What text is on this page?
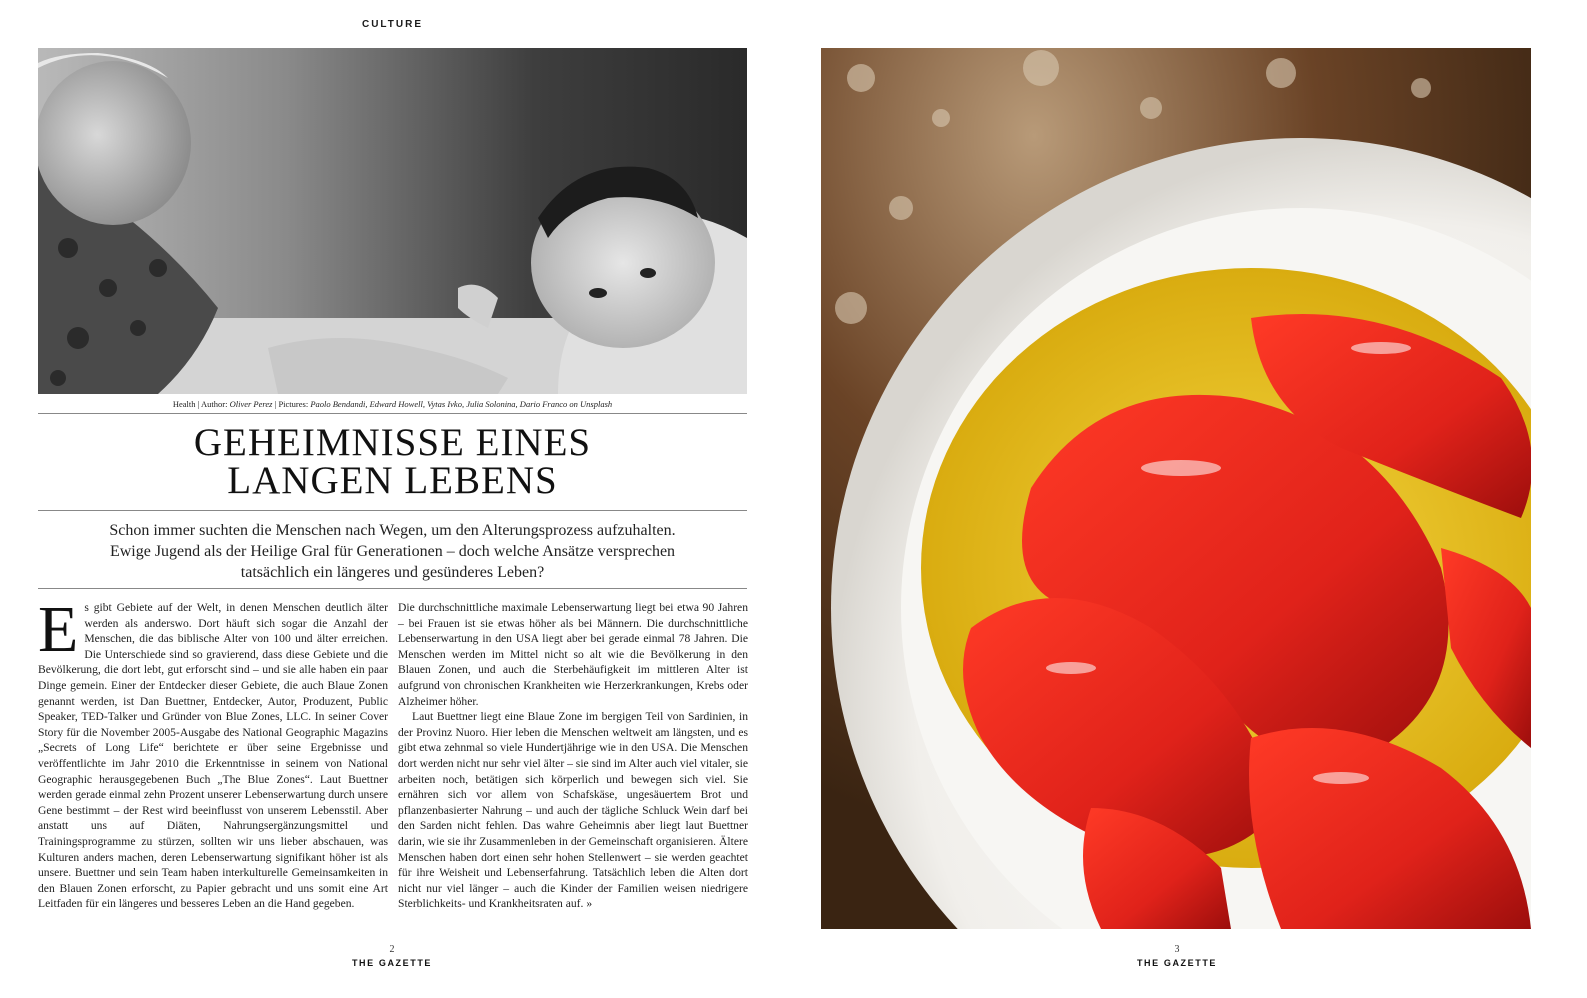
CULTURE
Health | Author: Oliver Perez | Pictures: Paolo Bendandi, Edward Howell, Vytas Ivko, Julia Solonina, Dario Franco on Unsplash
GEHEIMNISSE EINES
LANGEN LEBENS
Schon immer suchten die Menschen nach Wegen, um den Alterungsprozess aufzuhalten. Ewige Jugend als der Heilige Gral für Generationen – doch welche Ansätze versprechen tatsächlich ein längeres und gesünderes Leben?

Es gibt Gebiete auf der Welt, in denen Menschen deutlich älter werden als anderswo. Dort häuft sich sogar die Anzahl der Menschen, die das biblische Alter von 100 und älter erreichen. Die Unterschiede sind so gravierend, dass diese Gebiete und die Bevölkerung, die dort lebt, gut erforscht sind – und sie alle haben ein paar Dinge gemein. Einer der Entdecker dieser Gebiete, die auch Blaue Zonen genannt werden, ist Dan Buettner, Entdecker, Autor, Produzent, Public Speaker, TED-Talker und Gründer von Blue Zones, LLC. In seiner Cover Story für die November 2005-Ausgabe des National Geographic Magazins „Secrets of Long Life“ berichtete er über seine Ergebnisse und veröffentlichte im Jahr 2010 die Erkenntnisse in seinem von National Geographic herausgegebenen Buch „The Blue Zones“. Laut Buettner werden gerade einmal zehn Prozent unserer Lebenserwartung durch unsere Gene bestimmt – der Rest wird beeinflusst von unserem Lebensstil. Aber anstatt uns auf Diäten, Nahrungsergänzungsmittel und Trainingsprogramme zu stürzen, sollten wir uns lieber abschauen, was Kulturen anders machen, deren Lebenserwartung signifikant höher ist als unsere. Buettner und sein Team haben interkulturelle Gemeinsamkeiten in den Blauen Zonen erforscht, zu Papier gebracht und uns somit eine Art Leitfaden für ein längeres und besseres Leben an die Hand gegeben.

Die durchschnittliche maximale Lebenserwartung liegt bei etwa 90 Jahren – bei Frauen ist sie etwas höher als bei Männern. Die durchschnittliche Lebenserwartung in den USA liegt aber bei gerade einmal 78 Jahren. Die Menschen werden im Mittel nicht so alt wie die Bevölkerung in den Blauen Zonen, und auch die Sterbehäufigkeit im mittleren Alter ist aufgrund von chronischen Krankheiten wie Herzerkrankungen, Krebs oder Alzheimer höher.

Laut Buettner liegt eine Blaue Zone im bergigen Teil von Sardinien, in der Provinz Nuoro. Hier leben die Menschen weltweit am längsten, und es gibt etwa zehnmal so viele Hundertjährige wie in den USA. Die Menschen dort werden nicht nur sehr viel älter – sie sind im Alter auch viel vitaler, sie arbeiten noch, betätigen sich körperlich und bewegen sich viel. Sie ernähren sich vor allem von Schafskäse, ungesäuertem Brot und pflanzenbasierter Nahrung – und auch der tägliche Schluck Wein darf bei den Sarden nicht fehlen. Das wahre Geheimnis aber liegt laut Buettner darin, wie sie ihr Zusammenleben in der Gemeinschaft organisieren. Ältere Menschen haben dort einen sehr hohen Stellenwert – sie werden geachtet für ihre Weisheit und Lebenserfahrung. Tatsächlich leben die Alten dort nicht nur viel länger – auch die Kinder der Familien weisen niedrigere Sterblichkeits- und Krankheitsraten auf. »

2
THE GAZETTE
3
THE GAZETTE
